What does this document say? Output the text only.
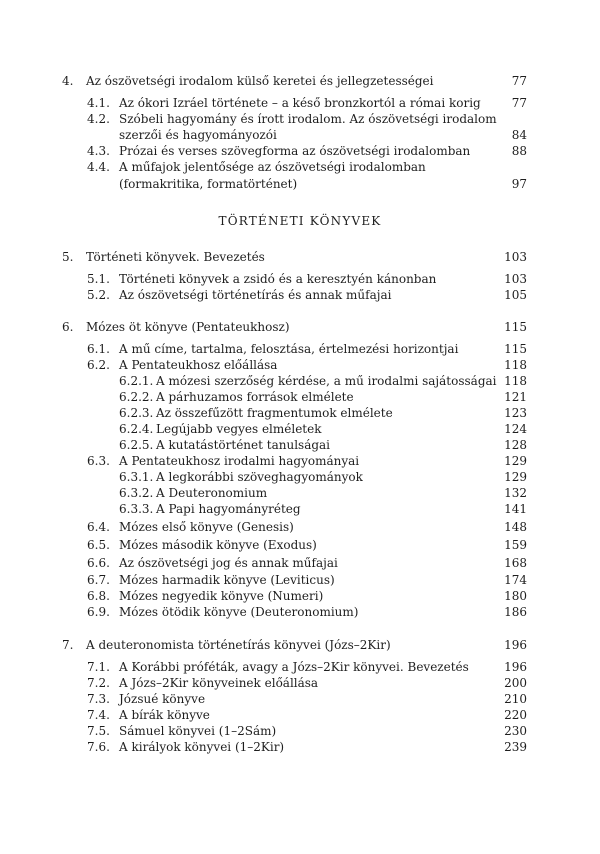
4. Az ószövetségi irodalom külső keretei és jellegzetességei	77
4.1. Az ókori Izráel története – a késő bronzkortól a római korig	77
4.2. Szóbeli hagyomány és írott irodalom. Az ószövetségi irodalom
szerzői és hagyományozói	84
4.3. Prózai és verses szövegforma az ószövetségi irodalomban	88
4.4. A műfajok jelentősége az ószövetségi irodalomban
(formakritika, formatörténet)	97
TÖRTÉNETI KÖNYVEK
5. Történeti könyvek. Bevezetés	103
5.1. Történeti könyvek a zsidó és a keresztyén kánonban	103
5.2. Az ószövetségi történetírás és annak műfajai	105
6. Mózes öt könyve (Pentateukhosz)	115
6.1. A mű címe, tartalma, felosztása, értelmezési horizontjai	115
6.2. A Pentateukhosz előállása	118
6.2.1. A mózesi szerzőség kérdése, a mű irodalmi sajátosságai 118
6.2.2. A párhuzamos források elmélete	121
6.2.3. Az összefűzött fragmentumok elmélete	123
6.2.4. Legújabb vegyes elméletek	124
6.2.5. A kutatástörténet tanulságai	128
6.3. A Pentateukhosz irodalmi hagyományai	129
6.3.1. A legkorábbi szöveghagyományok	129
6.3.2. A Deuteronomium	132
6.3.3. A Papi hagyományréteg	141
6.4. Mózes első könyve (Genesis)	148
6.5. Mózes második könyve (Exodus)	159
6.6. Az ószövetségi jog és annak műfajai	168
6.7. Mózes harmadik könyve (Leviticus)	174
6.8. Mózes negyedik könyve (Numeri)	180
6.9. Mózes ötödik könyve (Deuteronomium)	186
7. A deuteronomista történetírás könyvei (Józs–2Kir)	196
7.1. A Korábbi próféták, avagy a Józs–2Kir könyvei. Bevezetés	196
7.2. A Józs–2Kir könyveinek előállása	200
7.3. Józsué könyve	210
7.4. A bírák könyve	220
7.5. Sámuel könyvei (1–2Sám)	230
7.6. A királyok könyvei (1–2Kir)	239
